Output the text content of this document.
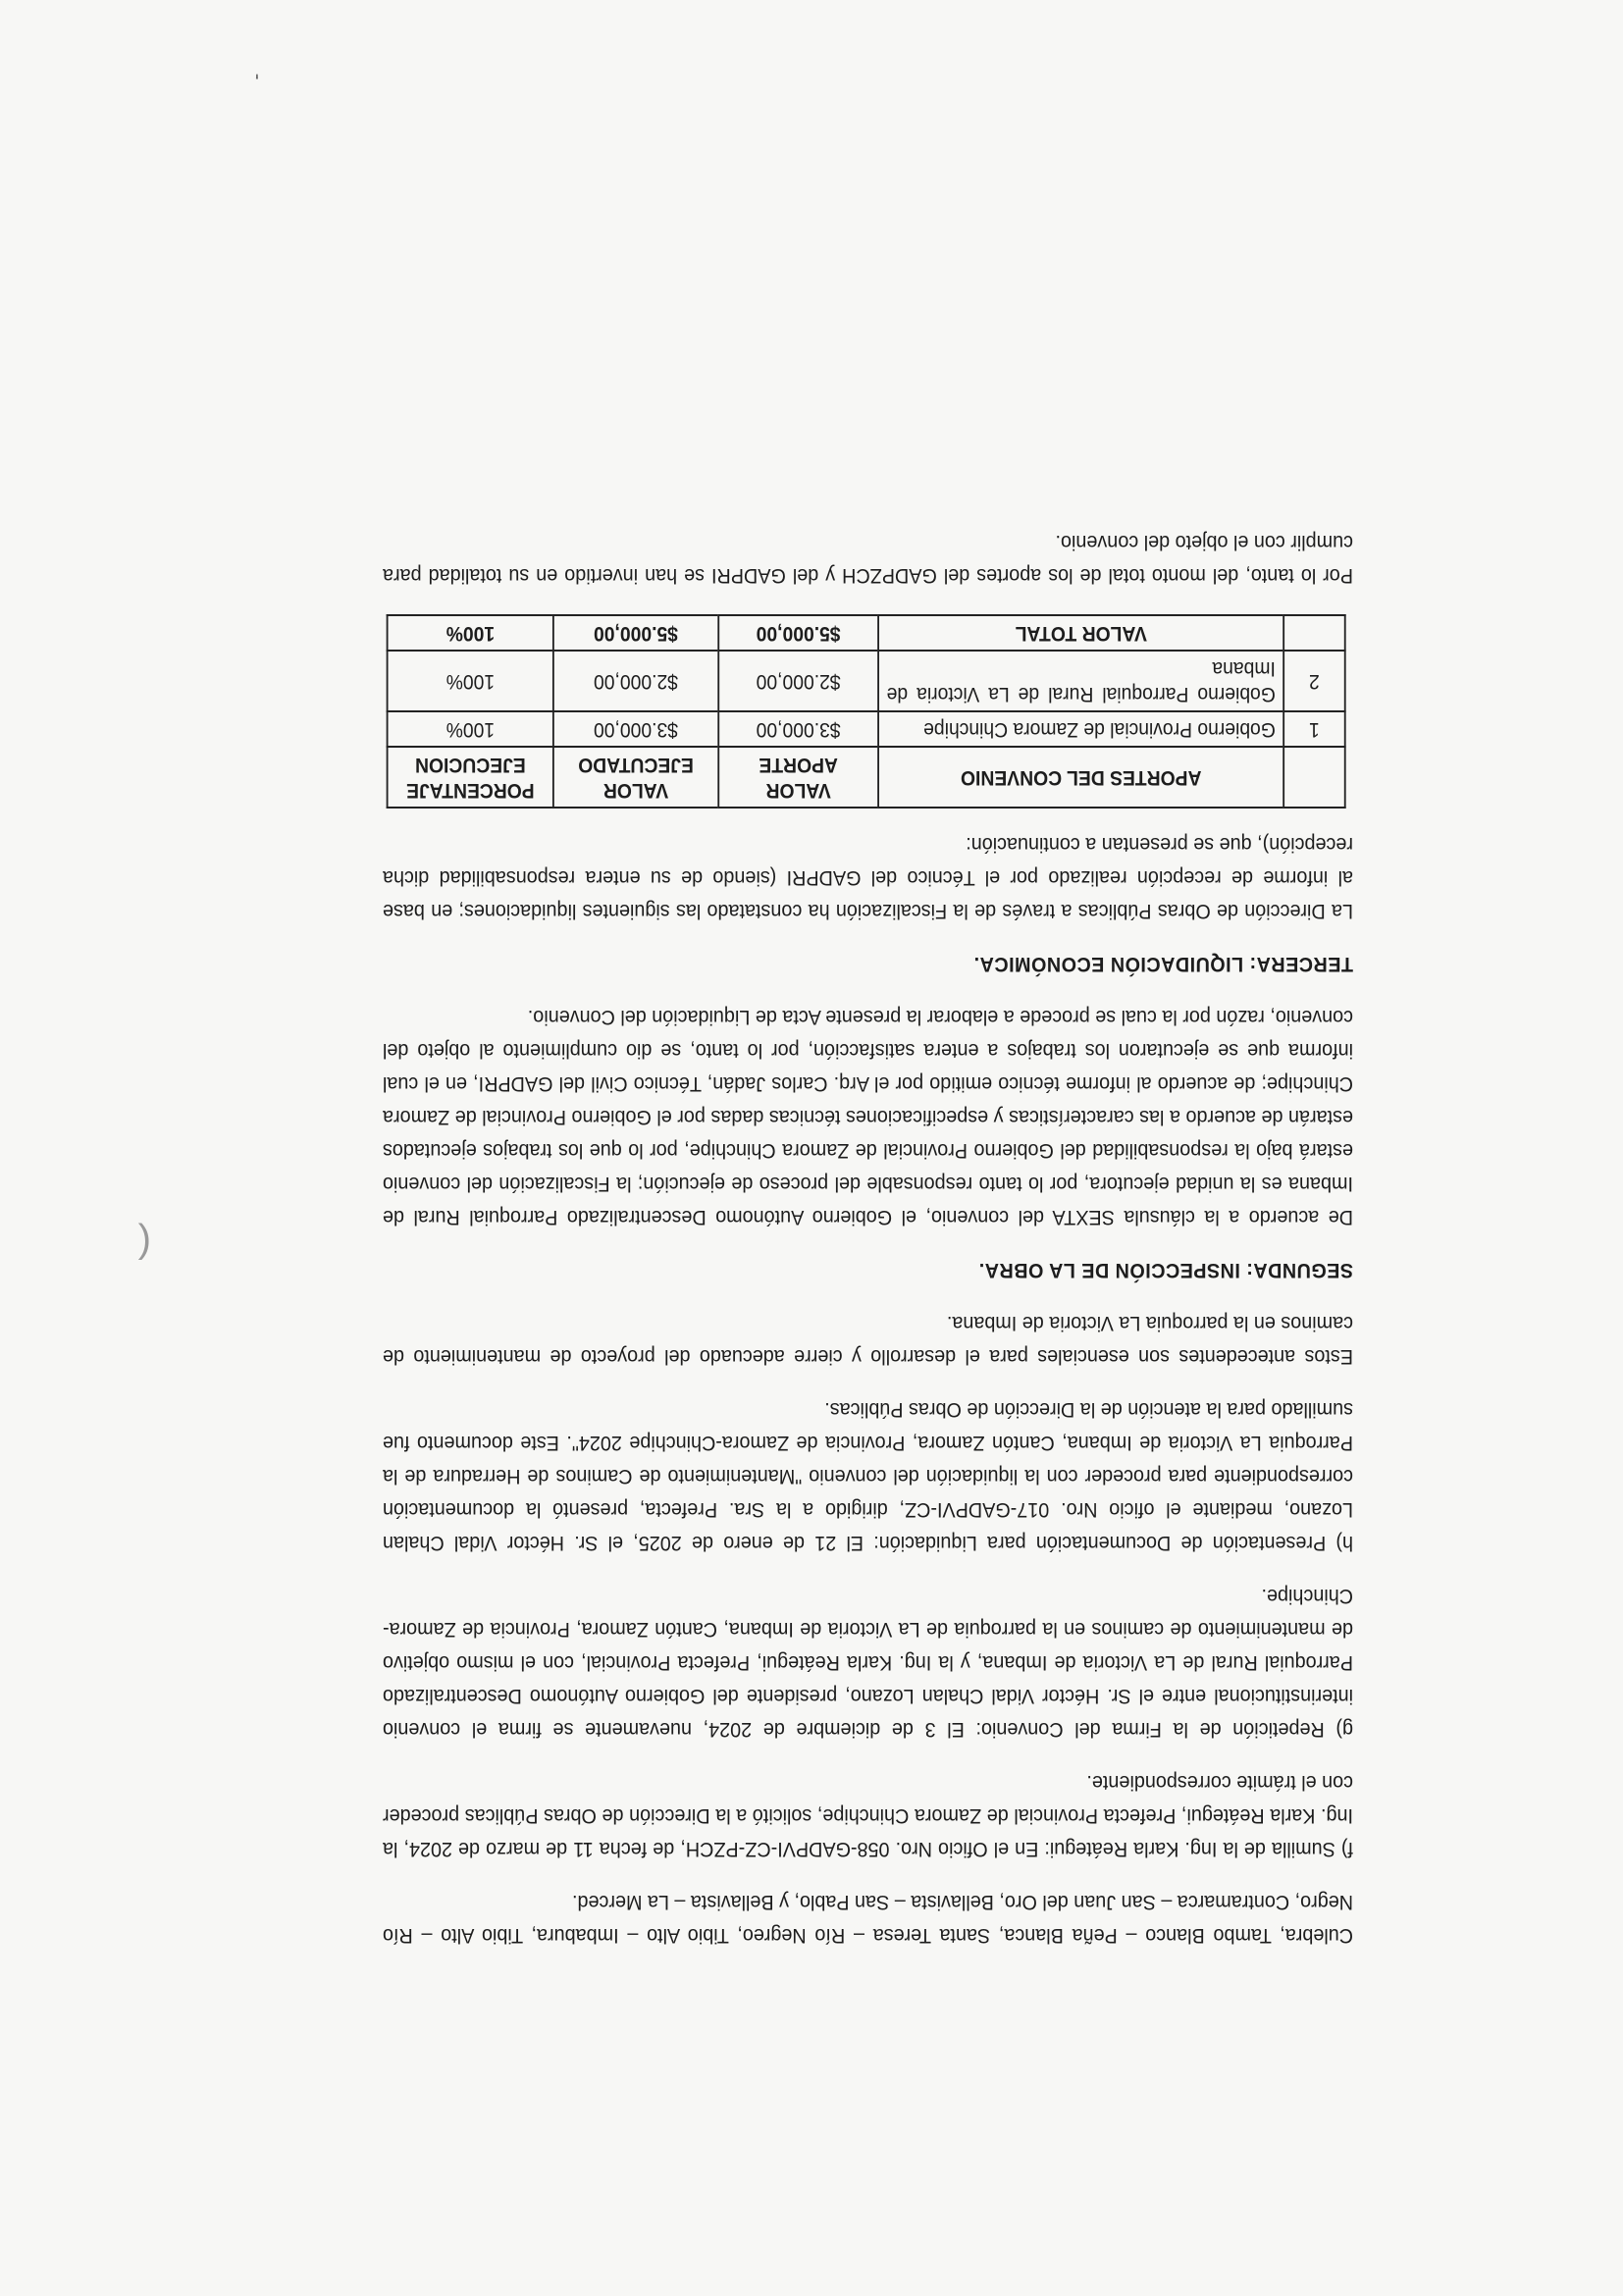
Culebra, Tambo Blanco – Peña Blanca, Santa Teresa – Río Negreo, Tibio Alto – Imbabura, Tibio Alto – Río Negro, Contramarca – San Juan del Oro, Bellavista – San Pablo, y Bellavista – La Merced.

f) Sumilla de la Ing. Karla Reátegui: En el Oficio Nro. 058-GADPVI-CZ-PZCH, de fecha 11 de marzo de 2024, la Ing. Karla Reátegui, Prefecta Provincial de Zamora Chinchipe, solicitó a la Dirección de Obras Públicas proceder con el trámite correspondiente.

g) Repetición de la Firma del Convenio: El 3 de diciembre de 2024, nuevamente se firma el convenio interinstitucional entre el Sr. Héctor Vidal Chalan Lozano, presidente del Gobierno Autónomo Descentralizado Parroquial Rural de La Victoria de Imbana, y la Ing. Karla Reátegui, Prefecta Provincial, con el mismo objetivo de mantenimiento de caminos en la parroquia de La Victoria de Imbana, Cantón Zamora, Provincia de Zamora-Chinchipe.

h) Presentación de Documentación para Liquidación: El 21 de enero de 2025, el Sr. Héctor Vidal Chalan Lozano, mediante el oficio Nro. 017-GADPVI-CZ, dirigido a la Sra. Prefecta, presentó la documentación correspondiente para proceder con la liquidación del convenio "Mantenimiento de Caminos de Herradura de la Parroquia La Victoria de Imbana, Cantón Zamora, Provincia de Zamora-Chinchipe 2024". Este documento fue sumillado para la atención de la Dirección de Obras Públicas.

Estos antecedentes son esenciales para el desarrollo y cierre adecuado del proyecto de mantenimiento de caminos en la parroquia La Victoria de Imbana.

SEGUNDA: INSPECCIÓN DE LA OBRA.

De acuerdo a la cláusula SEXTA del convenio, el Gobierno Autónomo Descentralizado Parroquial Rural de Imbana es la unidad ejecutora, por lo tanto responsable del proceso de ejecución; la Fiscalización del convenio estará bajo la responsabilidad del Gobierno Provincial de Zamora Chinchipe, por lo que los trabajos ejecutados estarán de acuerdo a las características y especificaciones técnicas dadas por el Gobierno Provincial de Zamora Chinchipe; de acuerdo al informe técnico emitido por el Arq. Carlos Jadán, Técnico Civil del GADPRI, en el cual informa que se ejecutaron los trabajos a entera satisfacción, por lo tanto, se dio cumplimiento al objeto del convenio, razón por la cual se procede a elaborar la presente Acta de Liquidación del Convenio.

TERCERA: LIQUIDACIÓN ECONÓMICA.

La Dirección de Obras Públicas a través de la Fiscalización ha constatado las siguientes liquidaciones; en base al informe de recepción realizado por el Técnico del GADPRI (siendo de su entera responsabilidad dicha recepción), que se presentan a continuación:

	APORTES DEL CONVENIO	VALOR APORTE	VALOR EJECUTADO	PORCENTAJE EJECUCION
1	Gobierno Provincial de Zamora Chinchipe	$3.000,00	$3.000,00	100%
2	Gobierno Parroquial Rural de La Victoria de Imbana	$2.000,00	$2.000,00	100%
	VALOR TOTAL	$5.000,00	$5.000,00	100%

Por lo tanto, del monto total de los aportes del GADPZCH y del GADPRI se han invertido en su totalidad para cumplir con el objeto del convenio.

'
(
